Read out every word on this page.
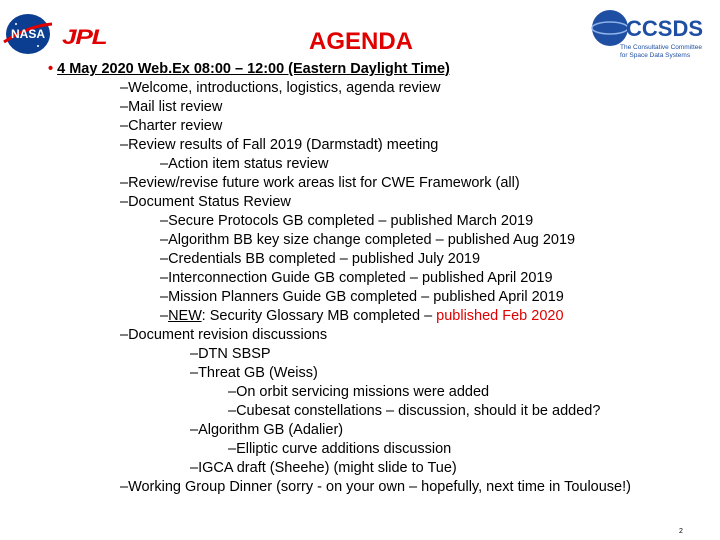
NASA JPL	CCSDS
The Consultative Committee
for Space Data Systems
AGENDA
• 4 May 2020 Web.Ex 08:00 – 12:00 (Eastern Daylight Time)
–Welcome, introductions, logistics, agenda review
–Mail list review
–Charter review
–Review results of Fall 2019 (Darmstadt) meeting
–Action item status review
–Review/revise future work areas list for CWE Framework (all)
–Document Status Review
–Secure Protocols GB completed – published March 2019
–Algorithm BB key size change completed – published Aug 2019
–Credentials BB completed – published July 2019
–Interconnection Guide GB completed – published April 2019
–Mission Planners Guide GB completed – published April 2019
–NEW: Security Glossary MB completed – published Feb 2020
–Document revision discussions
–DTN SBSP
–Threat GB (Weiss)
–On orbit servicing missions were added
–Cubesat constellations – discussion, should it be added?
–Algorithm GB (Adalier)
–Elliptic curve additions discussion
–IGCA draft (Sheehe) (might slide to Tue)
–Working Group Dinner (sorry - on your own – hopefully, next time in Toulouse!)
2
